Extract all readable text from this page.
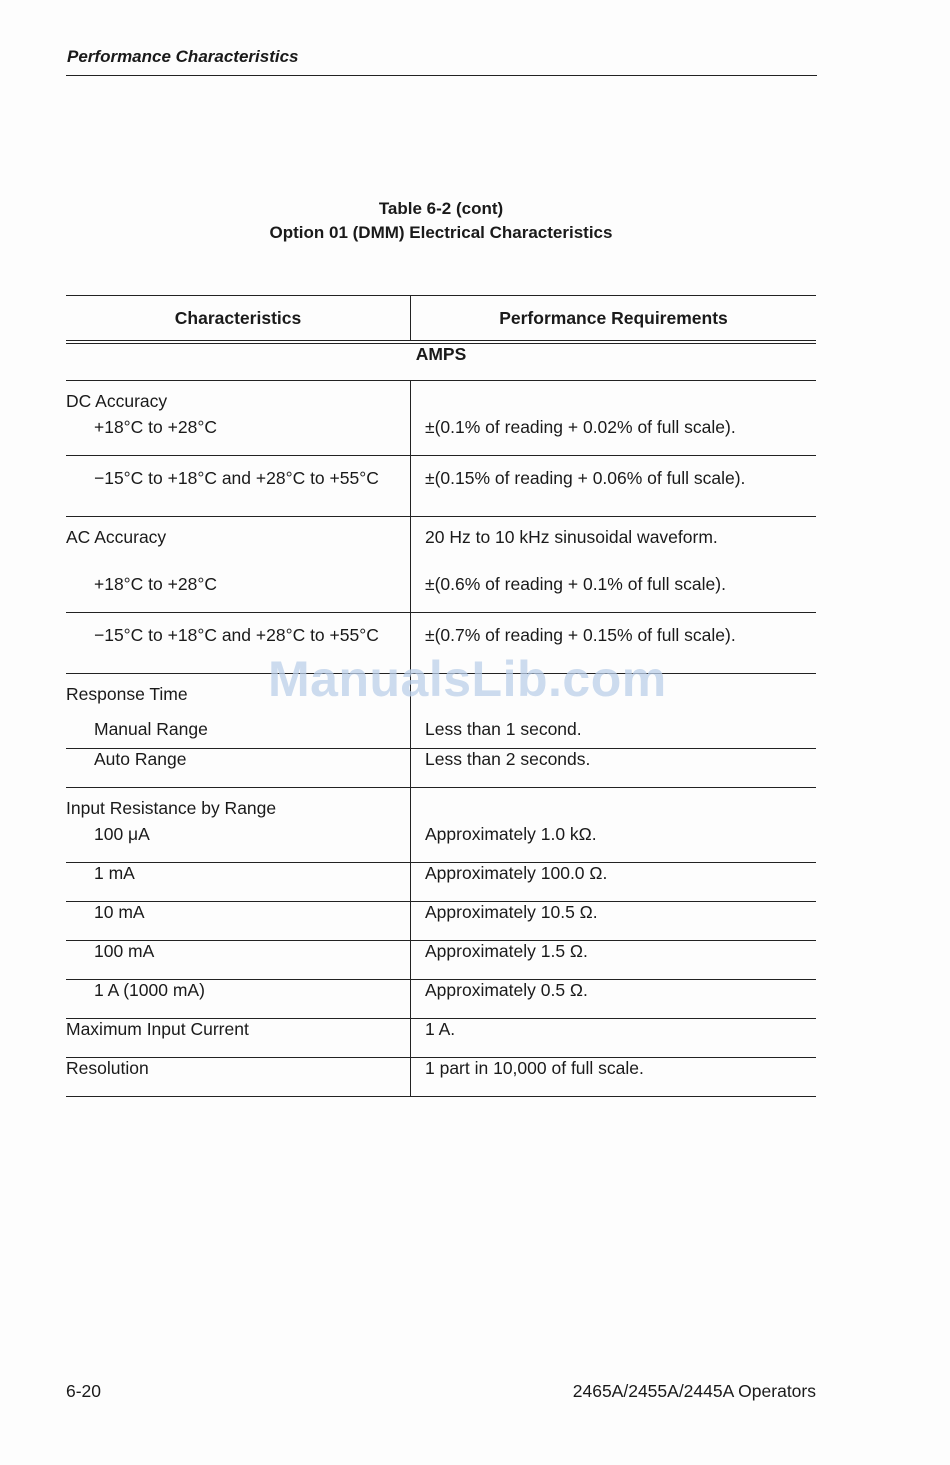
Performance Characteristics
Table 6-2 (cont)
Option 01 (DMM) Electrical Characteristics
Characteristics	Performance Requirements
AMPS	
DC Accuracy	
+18°C to +28°C	±(0.1% of reading + 0.02% of full scale).
−15°C to +18°C and +28°C to +55°C	±(0.15% of reading + 0.06% of full scale).
AC Accuracy	20 Hz to 10 kHz sinusoidal waveform.
+18°C to +28°C	±(0.6% of reading + 0.1% of full scale).
−15°C to +18°C and +28°C to +55°C	±(0.7% of reading + 0.15% of full scale).
Response Time	
Manual Range	Less than 1 second.
Auto Range	Less than 2 seconds.
Input Resistance by Range	
100 μA	Approximately 1.0 kΩ.
1 mA	Approximately 100.0 Ω.
10 mA	Approximately 10.5 Ω.
100 mA	Approximately 1.5 Ω.
1 A (1000 mA)	Approximately 0.5 Ω.
Maximum Input Current	1 A.
Resolution	1 part in 10,000 of full scale.
ManualsLib.com
6-20	2465A/2455A/2445A Operators
